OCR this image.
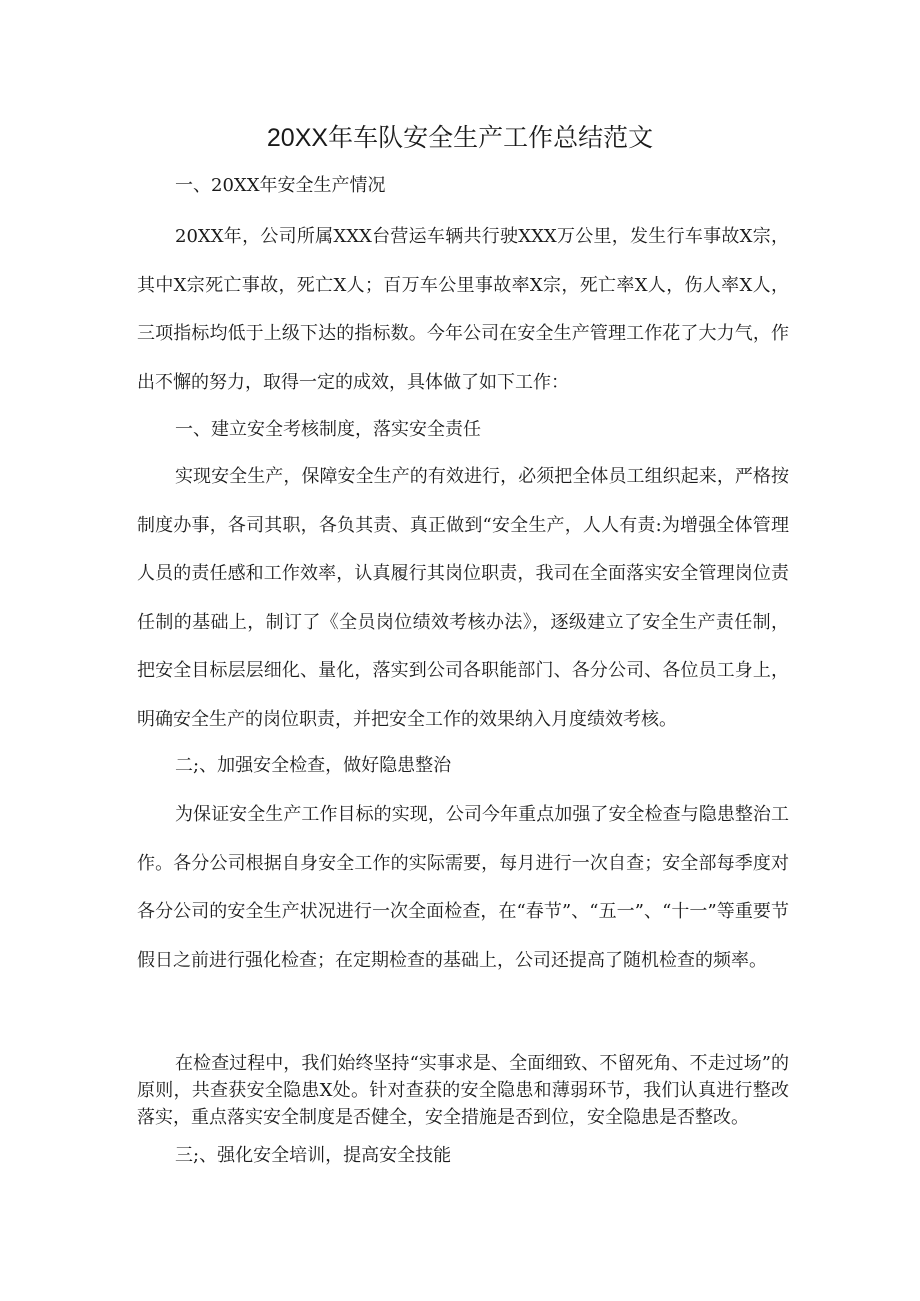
20XX年车队安全生产工作总结范文

一、20XX年安全生产情况

20XX年，公司所属XXX台营运车辆共行驶XXX万公里，发生行车事故X宗，其中X宗死亡事故，死亡X人；百万车公里事故率X宗，死亡率X人，伤人率X人，三项指标均低于上级下达的指标数。今年公司在安全生产管理工作花了大力气，作出不懈的努力，取得一定的成效，具体做了如下工作：

一、建立安全考核制度，落实安全责任

实现安全生产，保障安全生产的有效进行，必须把全体员工组织起来，严格按制度办事，各司其职，各负其责、真正做到“安全生产，人人有责:为增强全体管理人员的责任感和工作效率，认真履行其岗位职责，我司在全面落实安全管理岗位责任制的基础上，制订了《全员岗位绩效考核办法》，逐级建立了安全生产责任制，把安全目标层层细化、量化，落实到公司各职能部门、各分公司、各位员工身上，明确安全生产的岗位职责，并把安全工作的效果纳入月度绩效考核。

二;、加强安全检查，做好隐患整治

为保证安全生产工作目标的实现，公司今年重点加强了安全检查与隐患整治工作。各分公司根据自身安全工作的实际需要，每月进行一次自查；安全部每季度对各分公司的安全生产状况进行一次全面检查，在“春节”、“五一”、“十一”等重要节假日之前进行强化检查；在定期检查的基础上，公司还提高了随机检查的频率。

在检查过程中，我们始终坚持“实事求是、全面细致、不留死角、不走过场”的原则，共查获安全隐患X处。针对查获的安全隐患和薄弱环节，我们认真进行整改落实，重点落实安全制度是否健全，安全措施是否到位，安全隐患是否整改。

三;、强化安全培训，提高安全技能
